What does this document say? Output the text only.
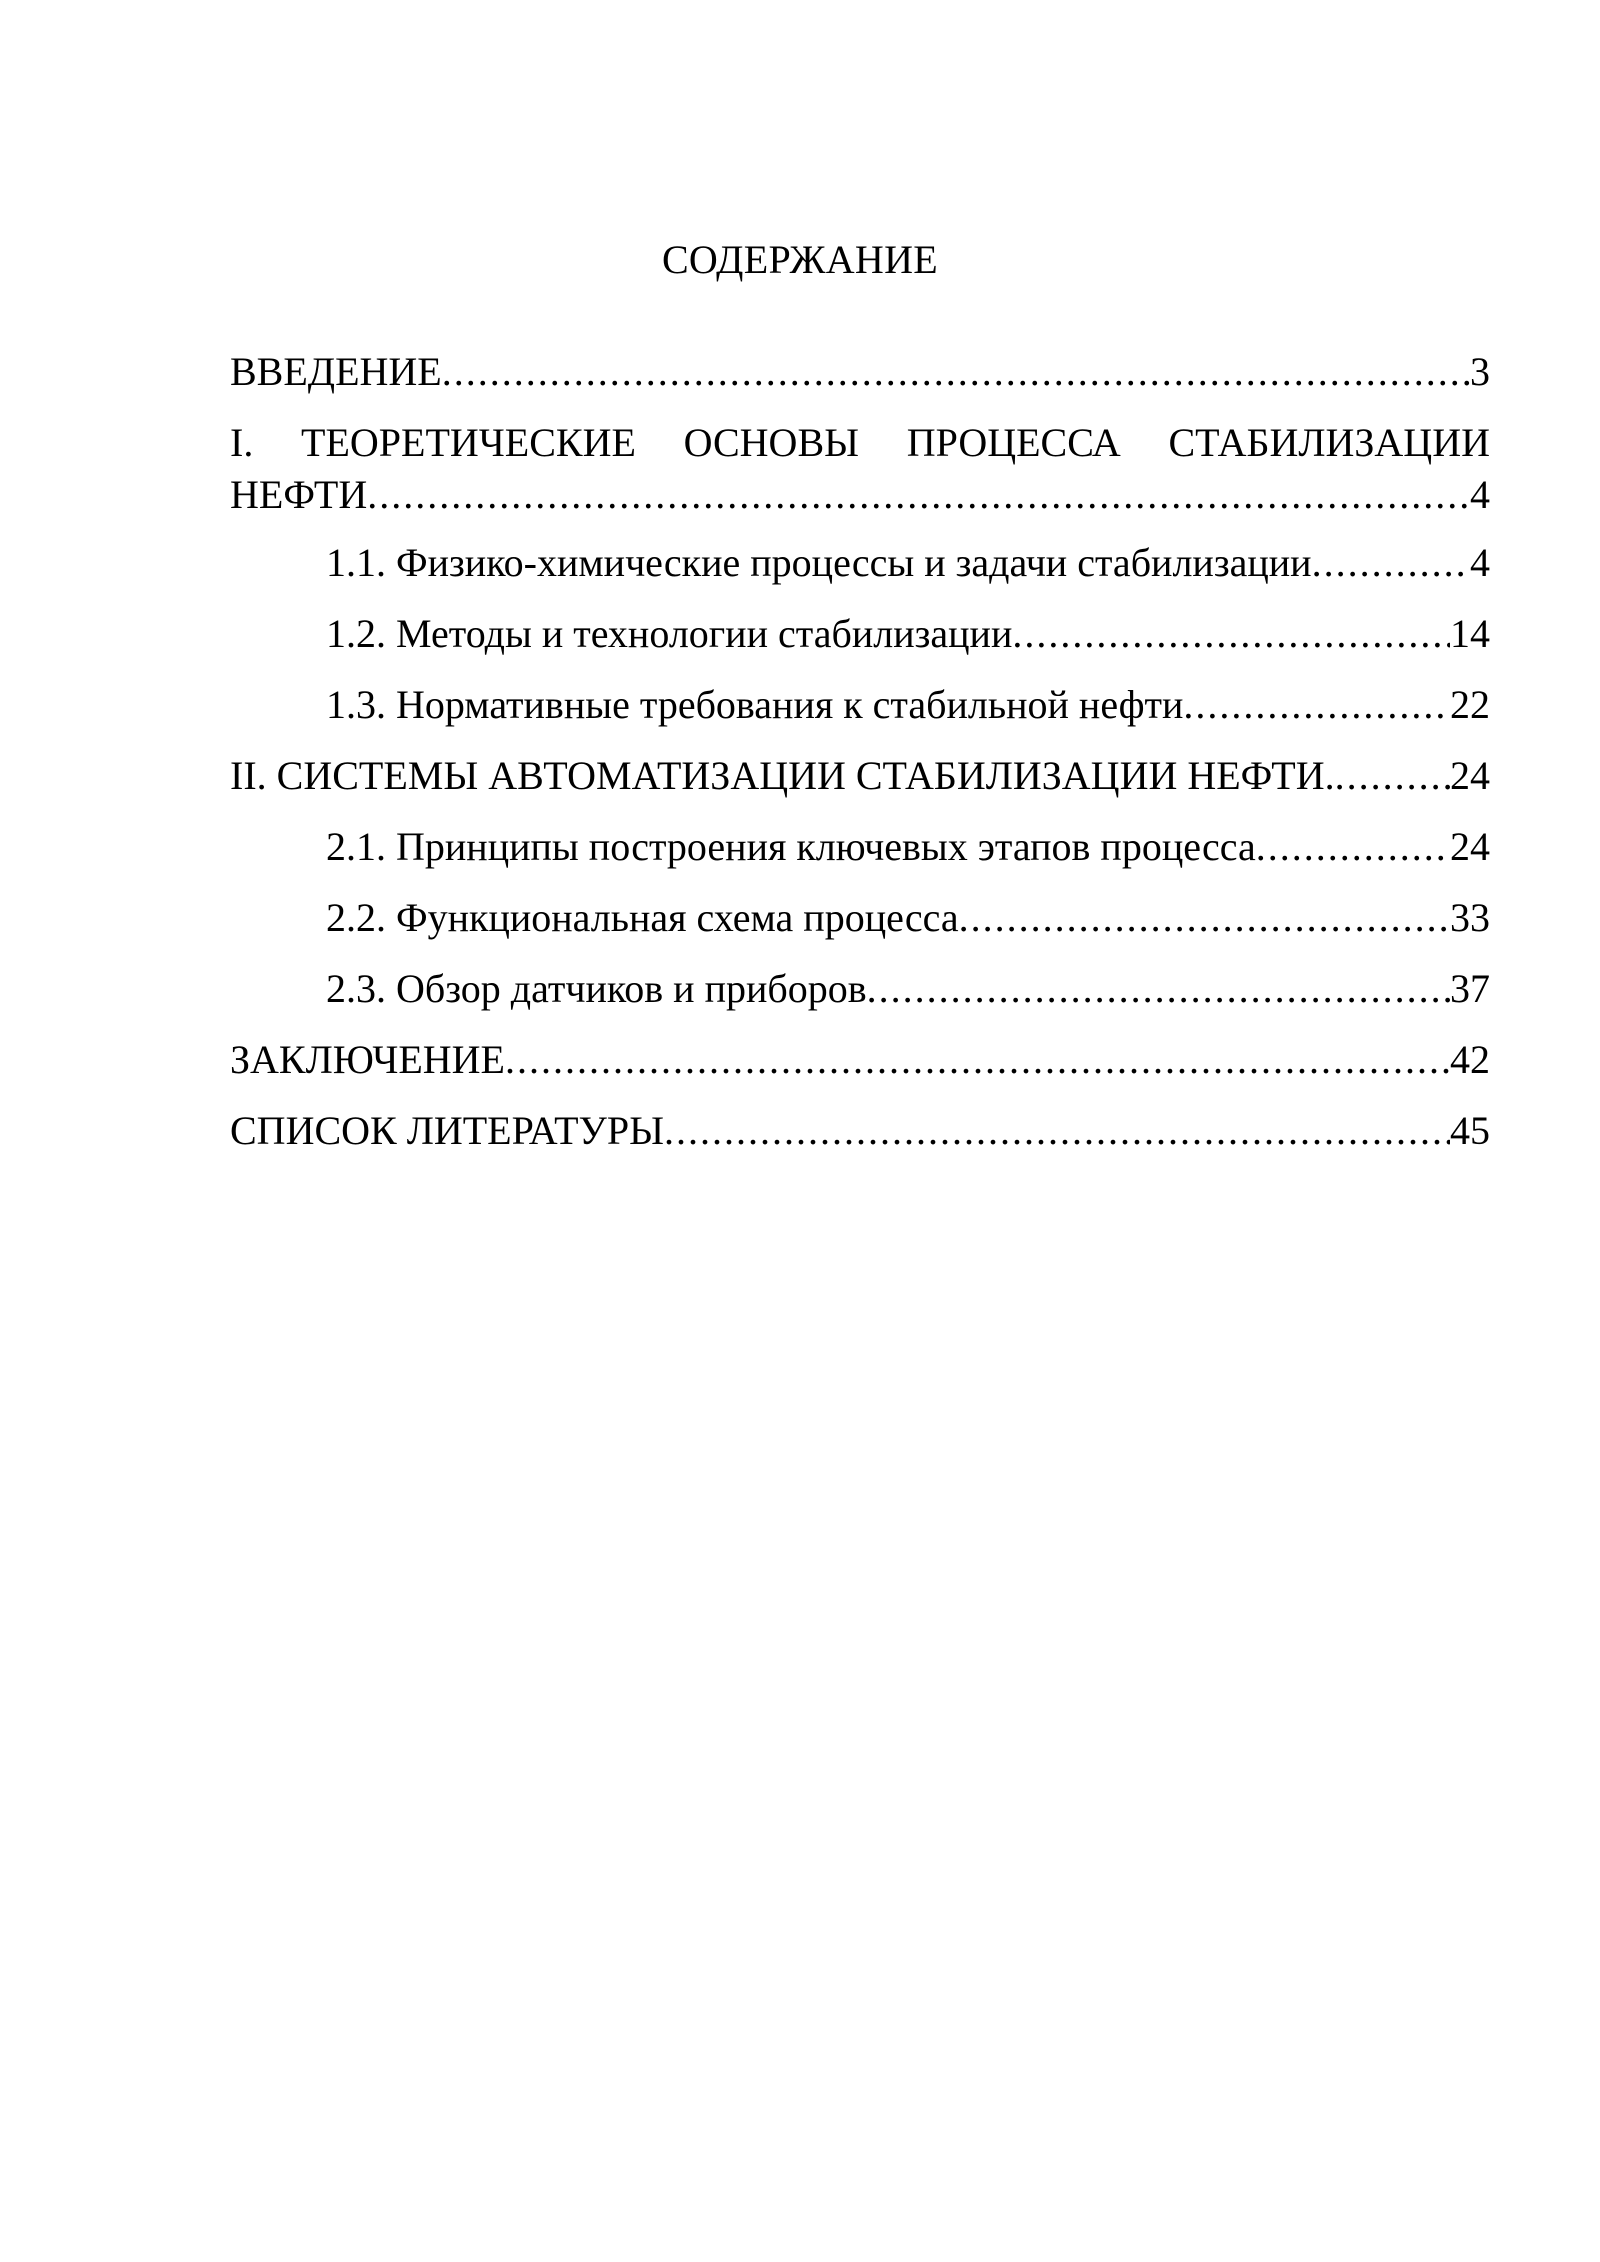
СОДЕРЖАНИЕ
ВВЕДЕНИЕ .....	3
I. ТЕОРЕТИЧЕСКИЕ ОСНОВЫ ПРОЦЕССА СТАБИЛИЗАЦИИ
НЕФТИ .....	4
1.1. Физико-химические процессы и задачи стабилизации .....	4
1.2. Методы и технологии стабилизации .....	14
1.3. Нормативные требования к стабильной нефти .....	22
II. СИСТЕМЫ АВТОМАТИЗАЦИИ СТАБИЛИЗАЦИИ НЕФТИ. .....	24
2.1. Принципы построения ключевых этапов процесса .....	24
2.2. Функциональная схема процесса .....	33
2.3. Обзор датчиков и приборов .....	37
ЗАКЛЮЧЕНИЕ .....	42
СПИСОК ЛИТЕРАТУРЫ .....	45
